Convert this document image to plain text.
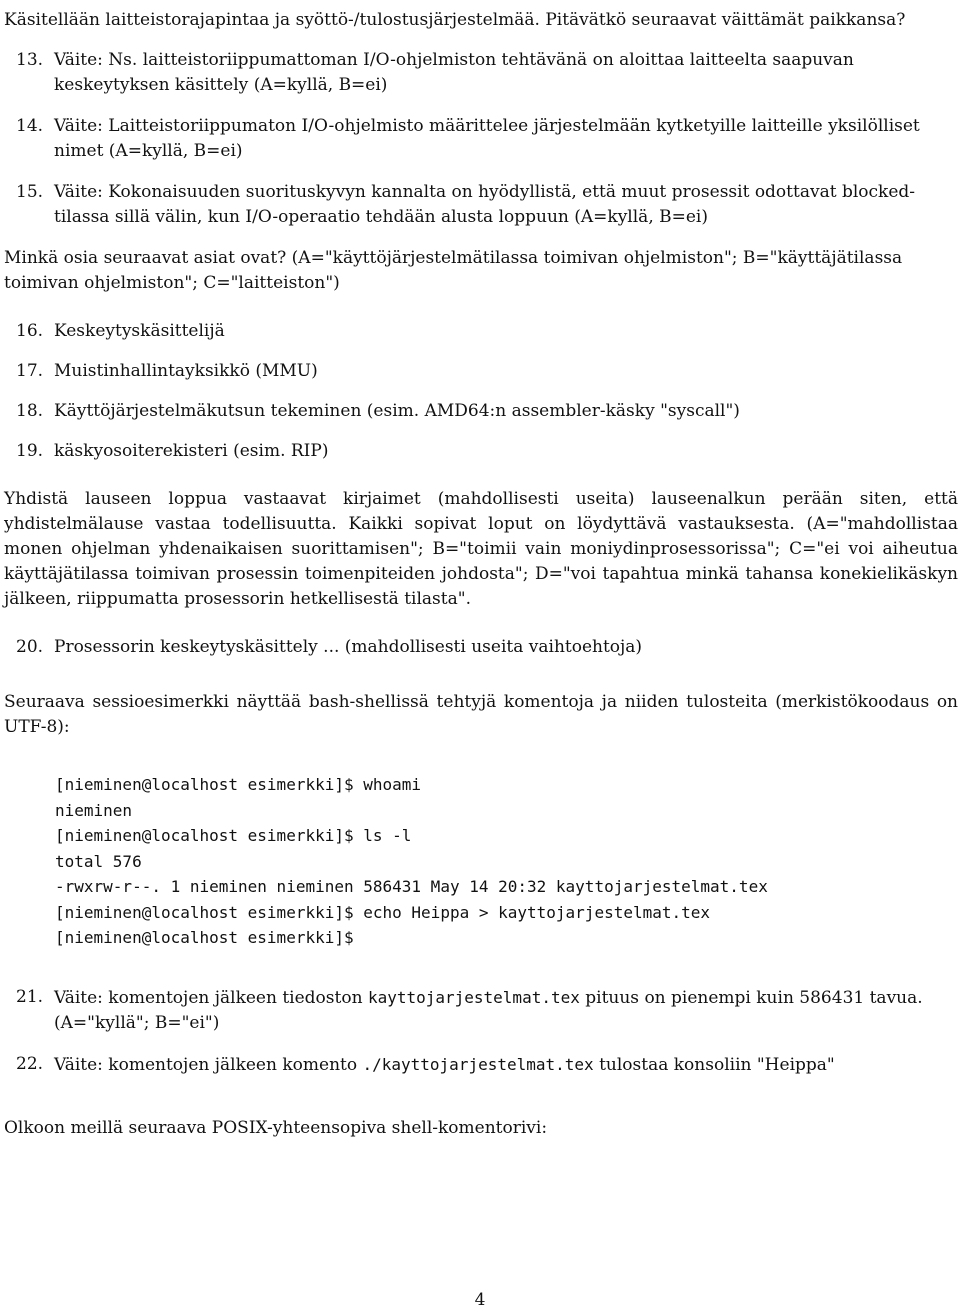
Käsitellään laitteistorajapintaa ja syöttö-/tulostusjärjestelmää. Pitävätkö seuraavat väittämät paikkansa?

13. Väite: Ns. laitteistoriippumattoman I/O-ohjelmiston tehtävänä on aloittaa laitteelta saapuvan keskeytyksen käsittely (A=kyllä, B=ei)

14. Väite: Laitteistoriippumaton I/O-ohjelmisto määrittelee järjestelmään kytketyille laitteille yksilölliset nimet (A=kyllä, B=ei)

15. Väite: Kokonaisuuden suorituskyvyn kannalta on hyödyllistä, että muut prosessit odottavat blocked-tilassa sillä välin, kun I/O-operaatio tehdään alusta loppuun (A=kyllä, B=ei)

Minkä osia seuraavat asiat ovat? (A="käyttöjärjestelmätilassa toimivan ohjelmiston"; B="käyttäjätilassa toimivan ohjelmiston"; C="laitteiston")

16. Keskeytyskäsittelijä

17. Muistinhallintayksikkö (MMU)

18. Käyttöjärjestelmäkutsun tekeminen (esim. AMD64:n assembler-käsky "syscall")

19. käskyosoiterekisteri (esim. RIP)

Yhdistä lauseen loppua vastaavat kirjaimet (mahdollisesti useita) lauseenalkun perään siten, että yhdistelmälause vastaa todellisuutta. Kaikki sopivat loput on löydyttävä vastauksesta. (A="mahdollistaa monen ohjelman yhdenaikaisen suorittamisen"; B="toimii vain moniydinprosessorissa"; C="ei voi aiheutua käyttäjätilassa toimivan prosessin toimenpiteiden johdosta"; D="voi tapahtua minkä tahansa konekielikäskyn jälkeen, riippumatta prosessorin hetkellisestä tilasta".

20. Prosessorin keskeytyskäsittely ... (mahdollisesti useita vaihtoehtoja)

Seuraava sessioesimerkki näyttää bash-shellissä tehtyjä komentoja ja niiden tulosteita (merkistökoodaus on UTF-8):

[nieminen@localhost esimerkki]$ whoami
nieminen
[nieminen@localhost esimerkki]$ ls -l
total 576
-rwxrw-r--. 1 nieminen nieminen 586431 May 14 20:32 kayttojarjestelmat.tex
[nieminen@localhost esimerkki]$ echo Heippa > kayttojarjestelmat.tex
[nieminen@localhost esimerkki]$
21. Väite: komentojen jälkeen tiedoston kayttojarjestelmat.tex pituus on pienempi kuin 586431 tavua. (A="kyllä"; B="ei")

22. Väite: komentojen jälkeen komento ./kayttojarjestelmat.tex tulostaa konsoliin "Heippa"

Olkoon meillä seuraava POSIX-yhteensopiva shell-komentorivi:

4
